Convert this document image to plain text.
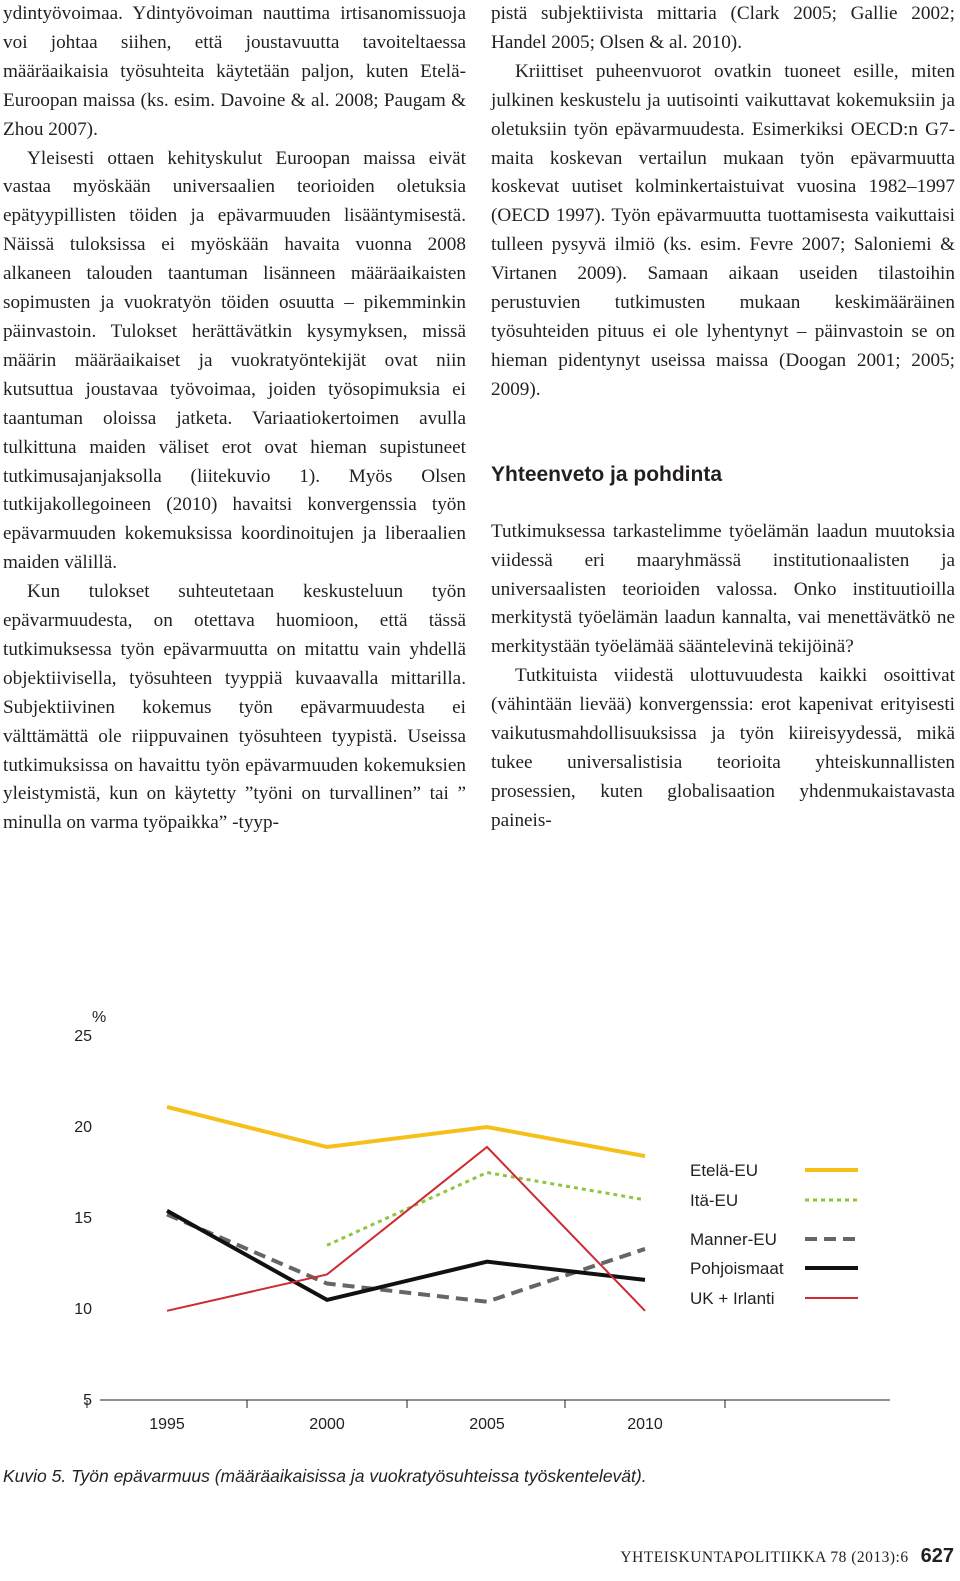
ydintyövoimaa. Ydintyövoiman nauttima irtisanomissuoja voi johtaa siihen, että joustavuutta tavoiteltaessa määräaikaisia työsuhteita käytetään paljon, kuten Etelä-Euroopan maissa (ks. esim. Davoine & al. 2008; Paugam & Zhou 2007).

Yleisesti ottaen kehityskulut Euroopan maissa eivät vastaa myöskään universaalien teorioiden oletuksia epätyypillisten töiden ja epävarmuuden lisääntymisestä. Näissä tuloksissa ei myöskään havaita vuonna 2008 alkaneen talouden taantuman lisänneen määräaikaisten sopimusten ja vuokratyön töiden osuutta – pikemminkin päinvastoin. Tulokset herättävätkin kysymyksen, missä määrin määräaikaiset ja vuokratyöntekijät ovat niin kutsuttua joustavaa työvoimaa, joiden työsopimuksia ei taantuman oloissa jatketa. Variaatiokertoimen avulla tulkittuna maiden väliset erot ovat hieman supistuneet tutkimusajanjaksolla (liitekuvio 1). Myös Olsen tutkijakollegoineen (2010) havaitsi konvergenssia työn epävarmuuden kokemuksissa koordinoitujen ja liberaalien maiden välillä.

Kun tulokset suhteutetaan keskusteluun työn epävarmuudesta, on otettava huomioon, että tässä tutkimuksessa työn epävarmuutta on mitattu vain yhdellä objektiivisella, työsuhteen tyyppiä kuvaavalla mittarilla. Subjektiivinen kokemus työn epävarmuudesta ei välttämättä ole riippuvainen työsuhteen tyypistä. Useissa tutkimuksissa on havaittu työn epävarmuuden kokemuksien yleistymistä, kun on käytetty ”työni on turvallinen” tai ” minulla on varma työpaikka” -tyyp-

pistä subjektiivista mittaria (Clark 2005; Gallie 2002; Handel 2005; Olsen & al. 2010).

Kriittiset puheenvuorot ovatkin tuoneet esille, miten julkinen keskustelu ja uutisointi vaikuttavat kokemuksiin ja oletuksiin työn epävarmuudesta. Esimerkiksi OECD:n G7-maita koskevan vertailun mukaan työn epävarmuutta koskevat uutiset kolminkertaistuivat vuosina 1982–1997 (OECD 1997). Työn epävarmuutta tuottamisesta vaikuttaisi tulleen pysyvä ilmiö (ks. esim. Fevre 2007; Saloniemi & Virtanen 2009). Samaan aikaan useiden tilastoihin perustuvien tutkimusten mukaan keskimääräinen työsuhteiden pituus ei ole lyhentynyt – päinvastoin se on hieman pidentynyt useissa maissa (Doogan 2001; 2005; 2009).

Yhteenveto ja pohdinta

Tutkimuksessa tarkastelimme työelämän laadun muutoksia viidessä eri maaryhmässä institutionaalisten ja universaalisten teorioiden valossa. Onko instituutioilla merkitystä työelämän laadun kannalta, vai menettävätkö ne merkitystään työelämää sääntelevinä tekijöinä?

Tutkituista viidestä ulottuvuudesta kaikki osoittivat (vähintään lievää) konvergenssia: erot kapenivat erityisesti vaikutusmahdollisuuksissa ja työn kiireisyydessä, mikä tukee universalistisia teorioita yhteiskunnallisten prosessien, kuten globalisaation yhdenmukaistavasta paineis-

25
20
15
10
5
%
1995	2000	2005	2010
Etelä-EU
Itä-EU
Manner-EU
Pohjoismaat
UK + Irlanti
Kuvio 5. Työn epävarmuus (määräaikaisissa ja vuokratyösuhteissa työskentelevät).
YHTEISKUNTAPOLITIIKKA 78 (2013):6 627
